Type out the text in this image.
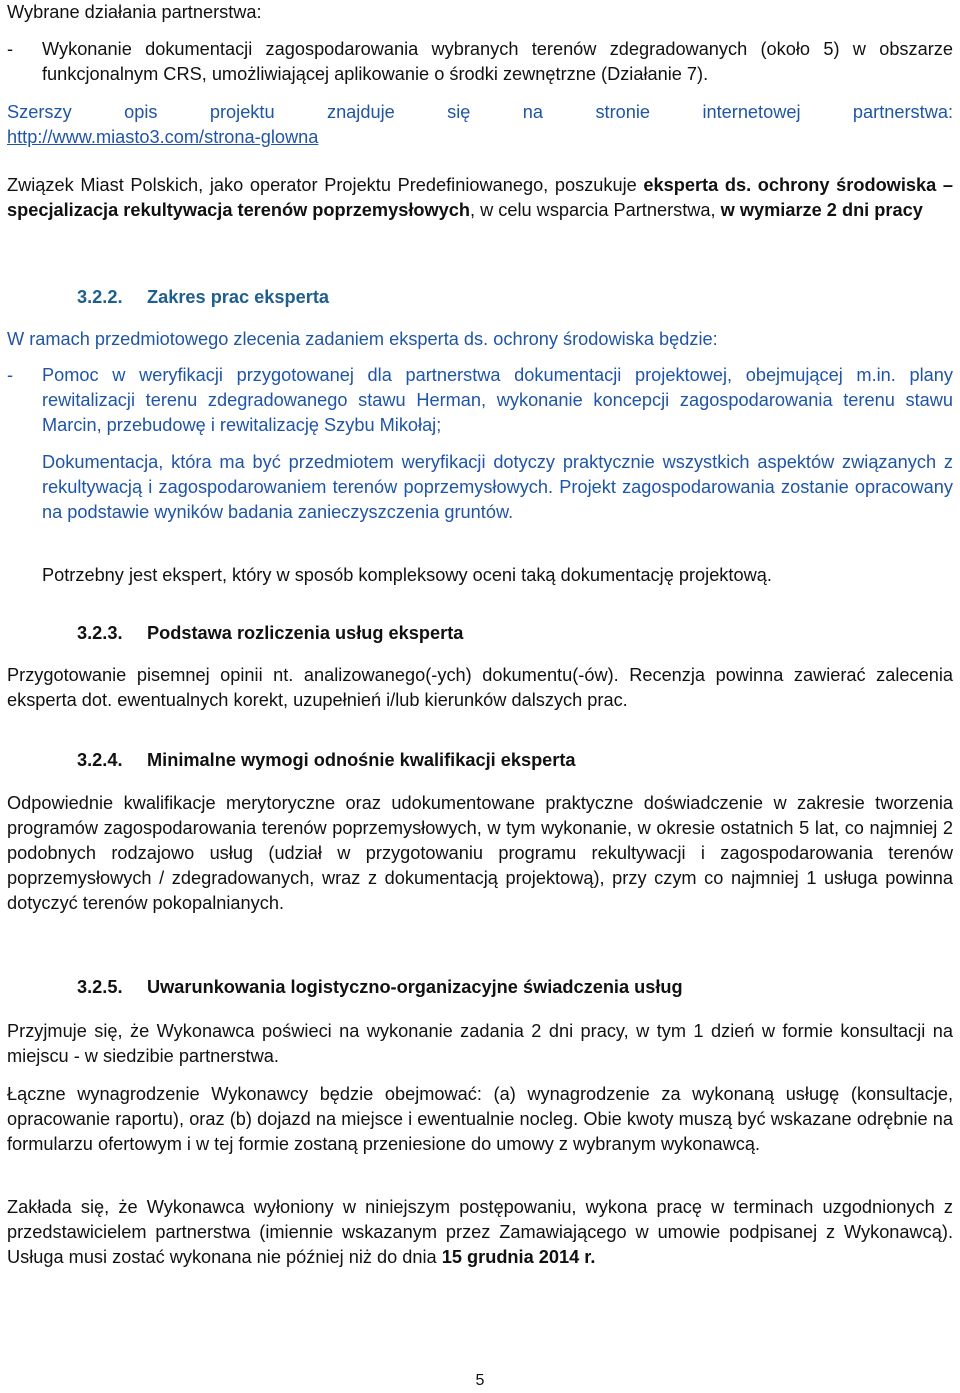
Wybrane działania partnerstwa:

-	Wykonanie dokumentacji zagospodarowania wybranych terenów zdegradowanych (około 5) w obszarze funkcjonalnym CRS, umożliwiającej aplikowanie o środki zewnętrzne (Działanie 7).

Szerszy opis projektu znajduje się na stronie internetowej partnerstwa:

http://www.miasto3.com/strona-glowna

Związek Miast Polskich, jako operator Projektu Predefiniowanego, poszukuje eksperta ds. ochrony środowiska – specjalizacja rekultywacja terenów poprzemysłowych, w celu wsparcia Partnerstwa, w wymiarze 2 dni pracy

3.2.2. Zakres prac eksperta

W ramach przedmiotowego zlecenia zadaniem eksperta ds. ochrony środowiska będzie:

-	Pomoc w weryfikacji przygotowanej dla partnerstwa dokumentacji projektowej, obejmującej m.in. plany rewitalizacji terenu zdegradowanego stawu Herman, wykonanie koncepcji zagospodarowania terenu stawu Marcin, przebudowę i rewitalizację Szybu Mikołaj;

Dokumentacja, która ma być przedmiotem weryfikacji dotyczy praktycznie wszystkich aspektów związanych z rekultywacją i zagospodarowaniem terenów poprzemysłowych. Projekt zagospodarowania zostanie opracowany na podstawie wyników badania zanieczyszczenia gruntów.

Potrzebny jest ekspert, który w sposób kompleksowy oceni taką dokumentację projektową.

3.2.3. Podstawa rozliczenia usług eksperta

Przygotowanie pisemnej opinii nt. analizowanego(-ych) dokumentu(-ów). Recenzja powinna zawierać zalecenia eksperta dot. ewentualnych korekt, uzupełnień i/lub kierunków dalszych prac.

3.2.4. Minimalne wymogi odnośnie kwalifikacji eksperta

Odpowiednie kwalifikacje merytoryczne oraz udokumentowane praktyczne doświadczenie w zakresie tworzenia programów zagospodarowania terenów poprzemysłowych, w tym wykonanie, w okresie ostatnich 5 lat, co najmniej 2 podobnych rodzajowo usług (udział w przygotowaniu programu rekultywacji i zagospodarowania terenów poprzemysłowych / zdegradowanych, wraz z dokumentacją projektową), przy czym co najmniej 1 usługa powinna dotyczyć terenów pokopalnianych.

3.2.5. Uwarunkowania logistyczno-organizacyjne świadczenia usług

Przyjmuje się, że Wykonawca poświeci na wykonanie zadania 2 dni pracy, w tym 1 dzień w formie konsultacji na miejscu ‑ w siedzibie partnerstwa.

Łączne wynagrodzenie Wykonawcy będzie obejmować: (a) wynagrodzenie za wykonaną usługę (konsultacje, opracowanie raportu), oraz (b) dojazd na miejsce i ewentualnie nocleg. Obie kwoty muszą być wskazane odrębnie na formularzu ofertowym i w tej formie zostaną przeniesione do umowy z wybranym wykonawcą.

Zakłada się, że Wykonawca wyłoniony w niniejszym postępowaniu, wykona pracę w terminach uzgodnionych z przedstawicielem partnerstwa (imiennie wskazanym przez Zamawiającego w umowie podpisanej z Wykonawcą). Usługa musi zostać wykonana nie później niż do dnia 15 grudnia 2014 r.

5
